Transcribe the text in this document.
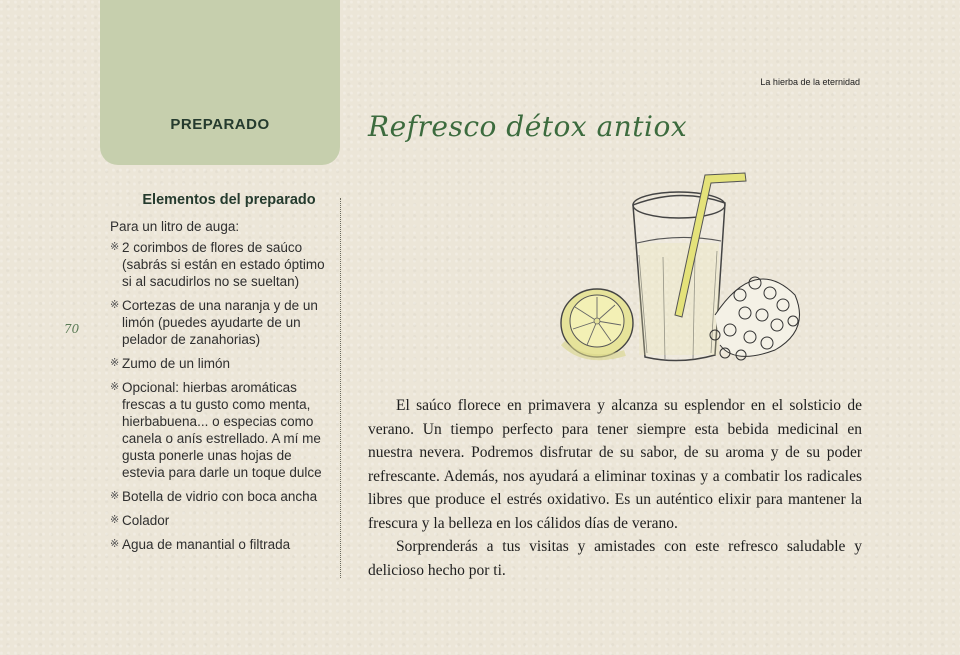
PREPARADO
La hierba de la eternidad
70
Refresco détox antiox
Elementos del preparado
Para un litro de auga:
※ 2 corimbos de flores de saúco (sabrás si están en estado óptimo si al sacudirlos no se sueltan)
※ Cortezas de una naranja y de un limón (puedes ayudarte de un pelador de zanahorias)
※ Zumo de un limón
※ Opcional: hierbas aromáticas frescas a tu gusto como menta, hierbabuena... o especias como canela o anís estrellado. A mí me gusta ponerle unas hojas de estevia para darle un toque dulce
※ Botella de vidrio con boca ancha
※ Colador
※ Agua de manantial o filtrada

El saúco florece en primavera y alcanza su esplendor en el solsticio de verano. Un tiempo perfecto para tener siempre esta bebida medicinal en nuestra nevera. Podremos disfrutar de su sabor, de su aroma y de su poder refrescante. Además, nos ayudará a eliminar toxinas y a combatir los radicales libres que produce el estrés oxidativo. Es un auténtico elixir para mantener la frescura y la belleza en los cálidos días de verano.

Sorprenderás a tus visitas y amistades con este refresco saludable y delicioso hecho por ti.
